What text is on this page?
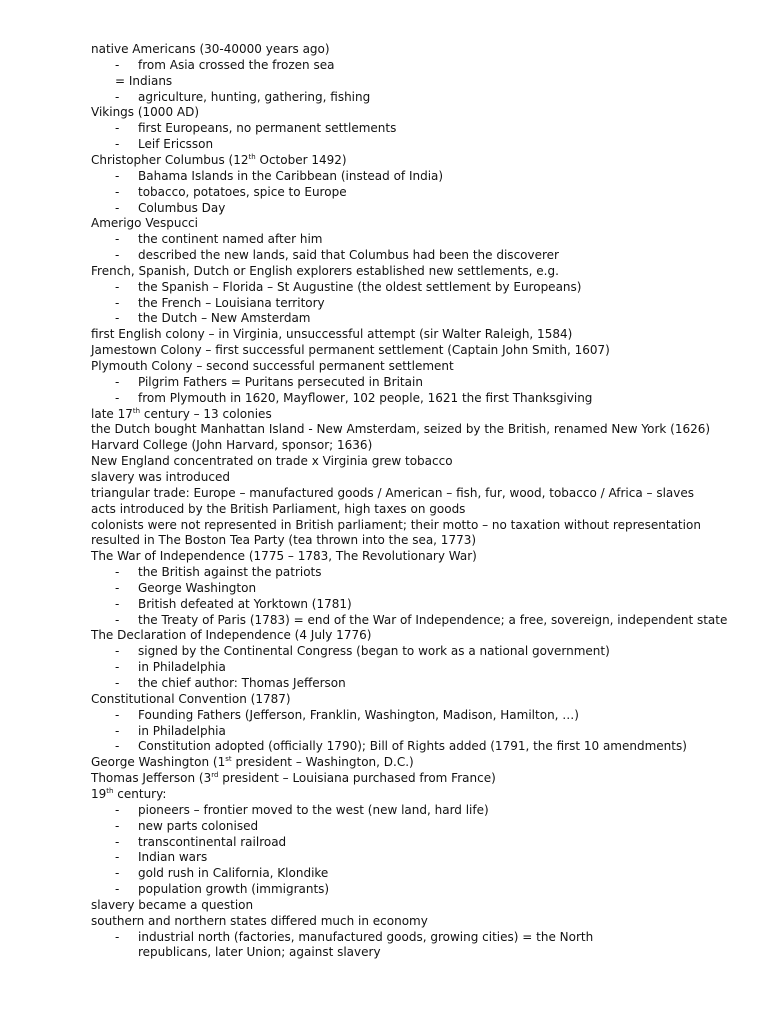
native Americans (30-40000 years ago)
- from Asia crossed the frozen sea
= Indians
- agriculture, hunting, gathering, fishing
Vikings (1000 AD)
- first Europeans, no permanent settlements
- Leif Ericsson
Christopher Columbus (12th October 1492)
- Bahama Islands in the Caribbean (instead of India)
- tobacco, potatoes, spice to Europe
- Columbus Day
Amerigo Vespucci
- the continent named after him
- described the new lands, said that Columbus had been the discoverer
French, Spanish, Dutch or English explorers established new settlements, e.g.
- the Spanish – Florida – St Augustine (the oldest settlement by Europeans)
- the French – Louisiana territory
- the Dutch – New Amsterdam
first English colony – in Virginia, unsuccessful attempt (sir Walter Raleigh, 1584)
Jamestown Colony – first successful permanent settlement (Captain John Smith, 1607)
Plymouth Colony – second successful permanent settlement
- Pilgrim Fathers = Puritans persecuted in Britain
- from Plymouth in 1620, Mayflower, 102 people, 1621 the first Thanksgiving
late 17th century – 13 colonies
the Dutch bought Manhattan Island - New Amsterdam, seized by the British, renamed New York (1626)
Harvard College (John Harvard, sponsor; 1636)
New England concentrated on trade x Virginia grew tobacco
slavery was introduced
triangular trade: Europe – manufactured goods / American – fish, fur, wood, tobacco / Africa – slaves
acts introduced by the British Parliament, high taxes on goods
colonists were not represented in British parliament; their motto – no taxation without representation
resulted in The Boston Tea Party (tea thrown into the sea, 1773)
The War of Independence (1775 – 1783, The Revolutionary War)
- the British against the patriots
- George Washington
- British defeated at Yorktown (1781)
- the Treaty of Paris (1783) = end of the War of Independence; a free, sovereign, independent state
The Declaration of Independence (4 July 1776)
- signed by the Continental Congress (began to work as a national government)
- in Philadelphia
- the chief author: Thomas Jefferson
Constitutional Convention (1787)
- Founding Fathers (Jefferson, Franklin, Washington, Madison, Hamilton, …)
- in Philadelphia
- Constitution adopted (officially 1790); Bill of Rights added (1791, the first 10 amendments)
George Washington (1st president – Washington, D.C.)
Thomas Jefferson (3rd president – Louisiana purchased from France)
19th century:
- pioneers – frontier moved to the west (new land, hard life)
- new parts colonised
- transcontinental railroad
- Indian wars
- gold rush in California, Klondike
- population growth (immigrants)
slavery became a question
southern and northern states differed much in economy
- industrial north (factories, manufactured goods, growing cities) = the North
republicans, later Union; against slavery
